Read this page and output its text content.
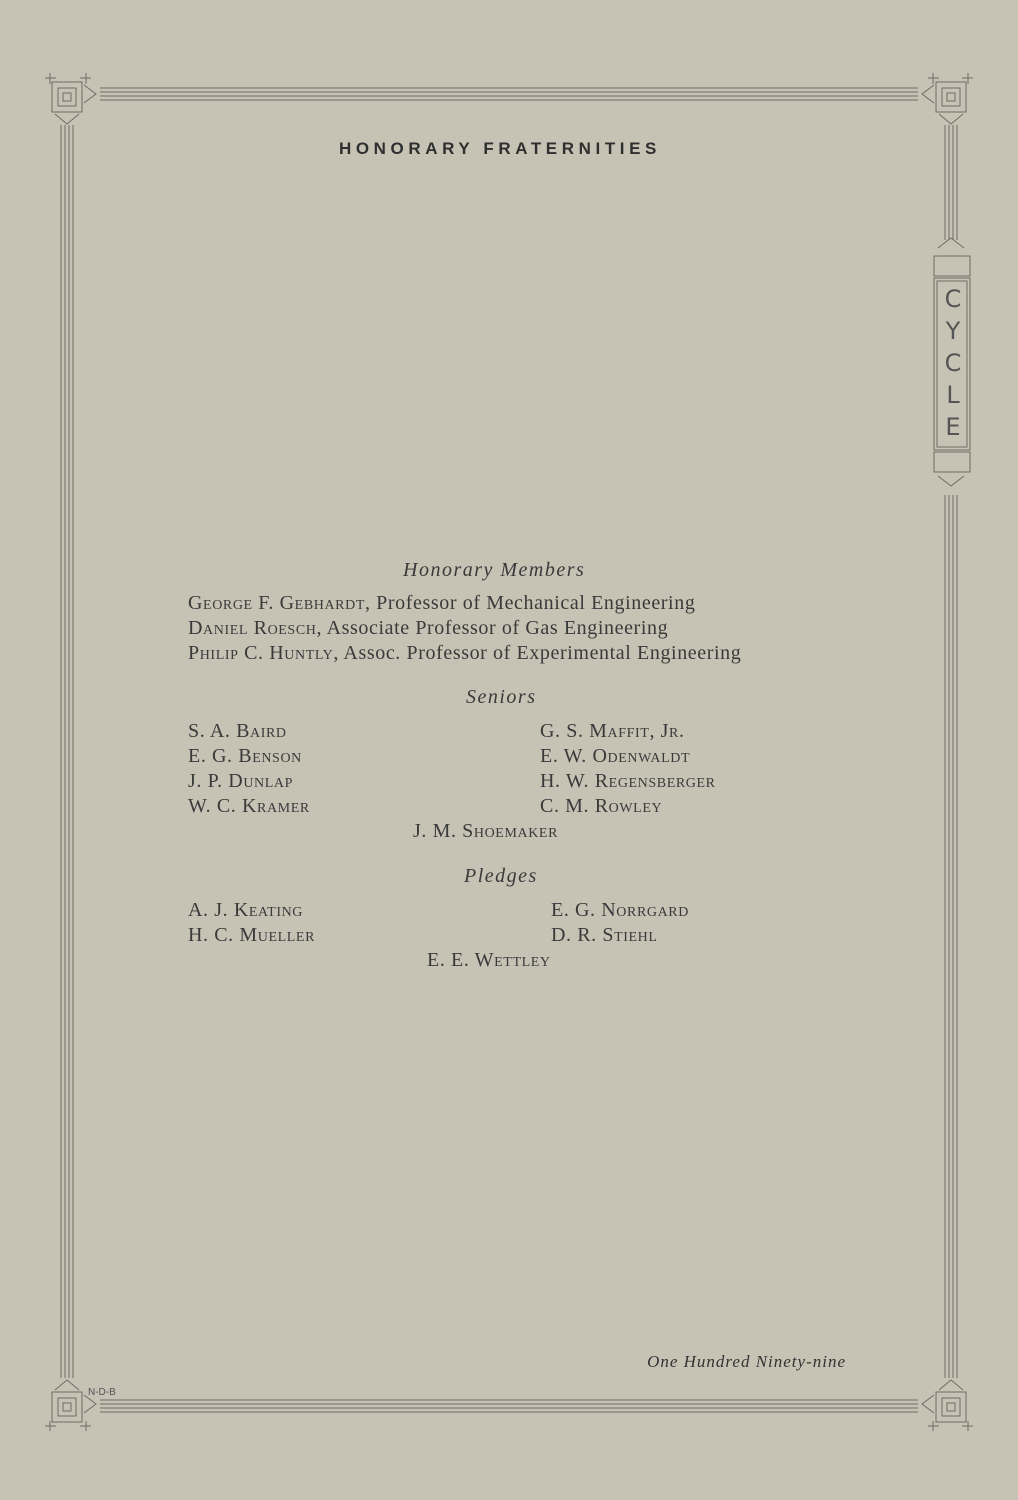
HONORARY FRATERNITIES
C
Y
C
L
E
Honorary Members
George F. Gebhardt, Professor of Mechanical Engineering
Daniel Roesch, Associate Professor of Gas Engineering
Philip C. Huntly, Assoc. Professor of Experimental Engineering
Seniors
S. A. Baird
E. G. Benson
J. P. Dunlap
W. C. Kramer
G. S. Maffit, Jr.
E. W. Odenwaldt
H. W. Regensberger
C. M. Rowley
J. M. Shoemaker
Pledges
A. J. Keating
H. C. Mueller
E. G. Norrgard
D. R. Stiehl
E. E. Wettley
One Hundred Ninety-nine
N-D-B
